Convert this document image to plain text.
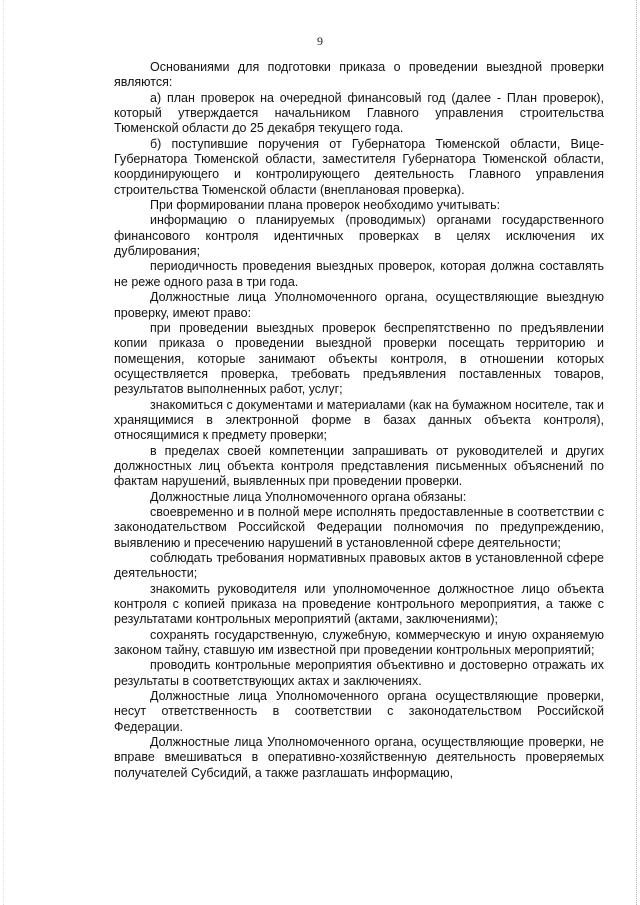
9

Основаниями для подготовки приказа о проведении выездной проверки являются:

а) план проверок на очередной финансовый год (далее - План проверок), который утверждается начальником Главного управления строительства Тюменской области до 25 декабря текущего года.

б) поступившие поручения от Губернатора Тюменской области, Вице-Губернатора Тюменской области, заместителя Губернатора Тюменской области, координирующего и контролирующего деятельность Главного управления строительства Тюменской области (внеплановая проверка).

При формировании плана проверок необходимо учитывать:

информацию о планируемых (проводимых) органами государственного финансового контроля идентичных проверках в целях исключения их дублирования;

периодичность проведения выездных проверок, которая должна составлять не реже одного раза в три года.

Должностные лица Уполномоченного органа, осуществляющие выездную проверку, имеют право:

при проведении выездных проверок беспрепятственно по предъявлении копии приказа о проведении выездной проверки посещать территорию и помещения, которые занимают объекты контроля, в отношении которых осуществляется проверка, требовать предъявления поставленных товаров, результатов выполненных работ, услуг;

знакомиться с документами и материалами (как на бумажном носителе, так и хранящимися в электронной форме в базах данных объекта контроля), относящимися к предмету проверки;

в пределах своей компетенции запрашивать от руководителей и других должностных лиц объекта контроля представления письменных объяснений по фактам нарушений, выявленных при проведении проверки.

Должностные лица Уполномоченного органа обязаны:

своевременно и в полной мере исполнять предоставленные в соответствии с законодательством Российской Федерации полномочия по предупреждению, выявлению и пресечению нарушений в установленной сфере деятельности;

соблюдать требования нормативных правовых актов в установленной сфере деятельности;

знакомить руководителя или уполномоченное должностное лицо объекта контроля с копией приказа на проведение контрольного мероприятия, а также с результатами контрольных мероприятий (актами, заключениями);

сохранять государственную, служебную, коммерческую и иную охраняемую законом тайну, ставшую им известной при проведении контрольных мероприятий;

проводить контрольные мероприятия объективно и достоверно отражать их результаты в соответствующих актах и заключениях.

Должностные лица Уполномоченного органа осуществляющие проверки, несут ответственность в соответствии с законодательством Российской Федерации.

Должностные лица Уполномоченного органа, осуществляющие проверки, не вправе вмешиваться в оперативно-хозяйственную деятельность проверяемых получателей Субсидий, а также разглашать информацию,
